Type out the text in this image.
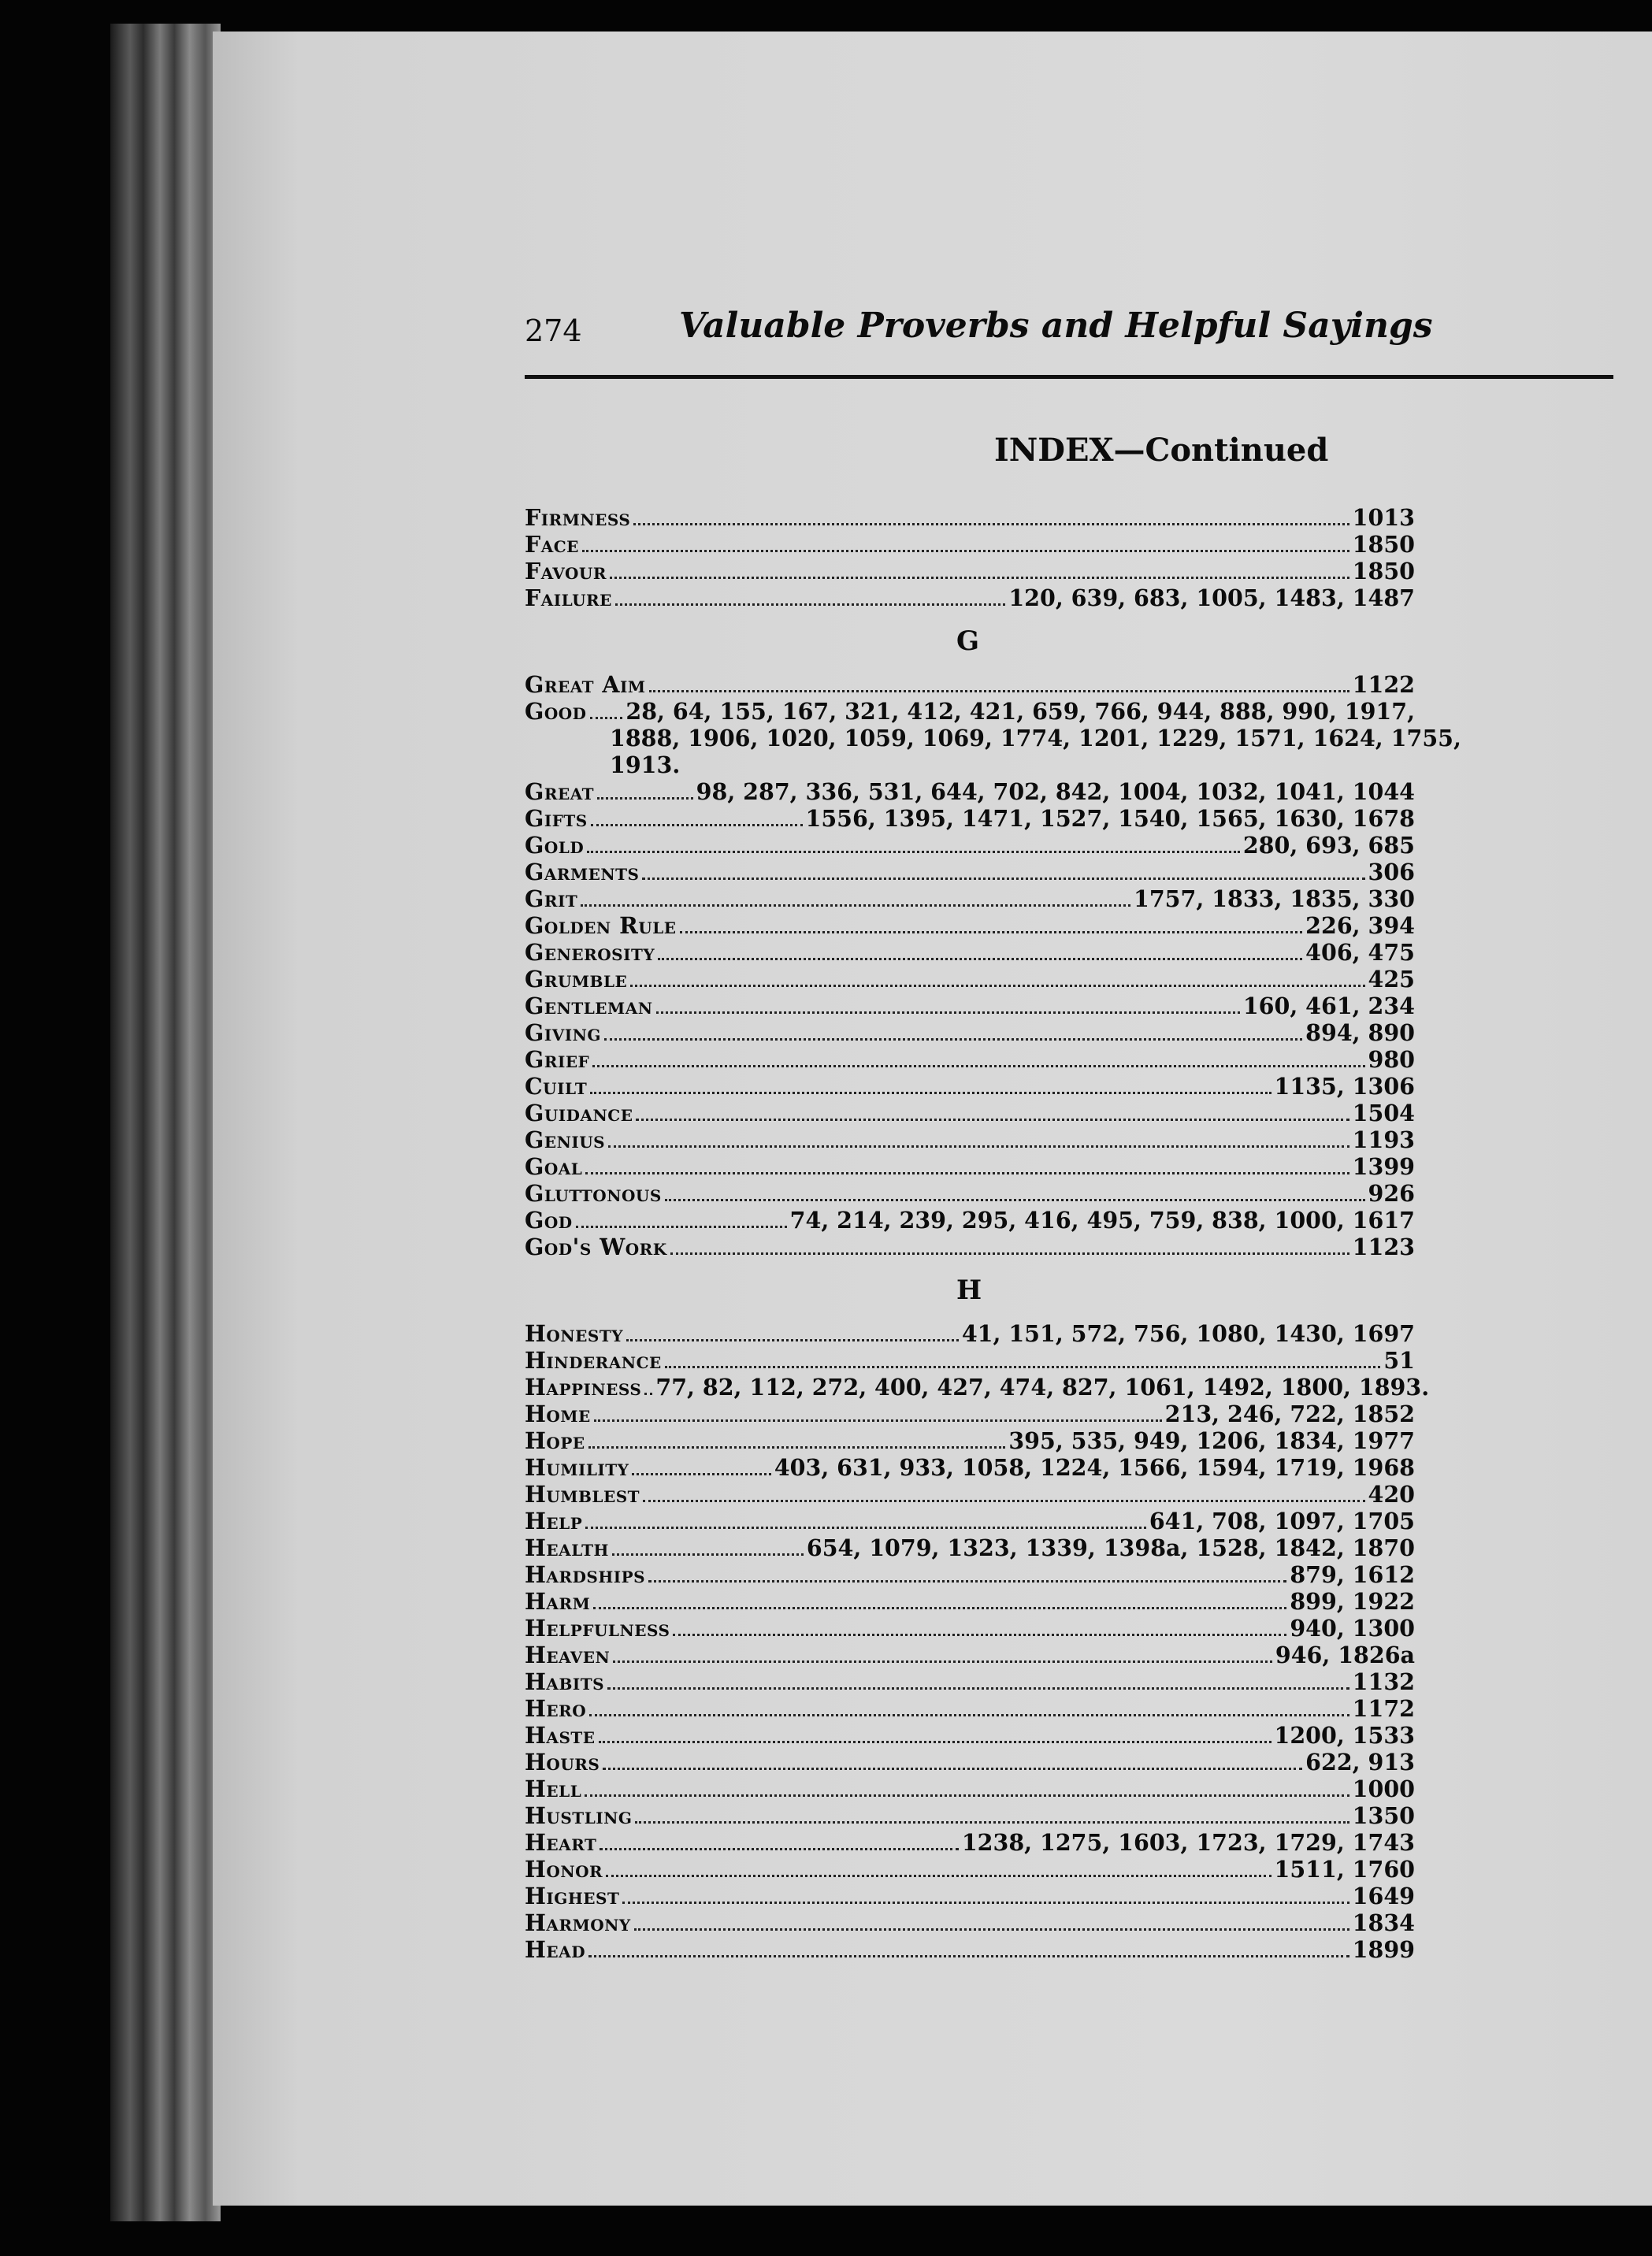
274	Valuable Proverbs and Helpful Sayings
INDEX—Continued
Firmness	1013
Face	1850
Favour	1850
Failure	120, 639, 683, 1005, 1483, 1487
G
Great Aim	1122
Good 28, 64, 155, 167, 321, 412, 421, 659, 766, 944, 888, 990, 1917,
1888, 1906, 1020, 1059, 1069, 1774, 1201, 1229, 1571, 1624, 1755,
1913.
Great	98, 287, 336, 531, 644, 702, 842, 1004, 1032, 1041, 1044
Gifts	1556, 1395, 1471, 1527, 1540, 1565, 1630, 1678
Gold	280, 693, 685
Garments	306
Grit	1757, 1833, 1835, 330
Golden Rule	226, 394
Generosity	406, 475
Grumble	425
Gentleman	160, 461, 234
Giving	894, 890
Grief	980
Cuilt	1135, 1306
Guidance	1504
Genius	1193
Goal	1399
Gluttonous	926
God	74, 214, 239, 295, 416, 495, 759, 838, 1000, 1617
God's Work	1123
H
Honesty	41, 151, 572, 756, 1080, 1430, 1697
Hinderance	51
Happiness 77, 82, 112, 272, 400, 427, 474, 827, 1061, 1492, 1800, 1893.
Home	213, 246, 722, 1852
Hope	395, 535, 949, 1206, 1834, 1977
Humility	403, 631, 933, 1058, 1224, 1566, 1594, 1719, 1968
Humblest	420
Help	641, 708, 1097, 1705
Health	654, 1079, 1323, 1339, 1398a, 1528, 1842, 1870
Hardships	879, 1612
Harm	899, 1922
Helpfulness	940, 1300
Heaven	946, 1826a
Habits	1132
Hero	1172
Haste	1200, 1533
Hours	622, 913
Hell	1000
Hustling	1350
Heart	1238, 1275, 1603, 1723, 1729, 1743
Honor	1511, 1760
Highest	1649
Harmony	1834
Head	1899
